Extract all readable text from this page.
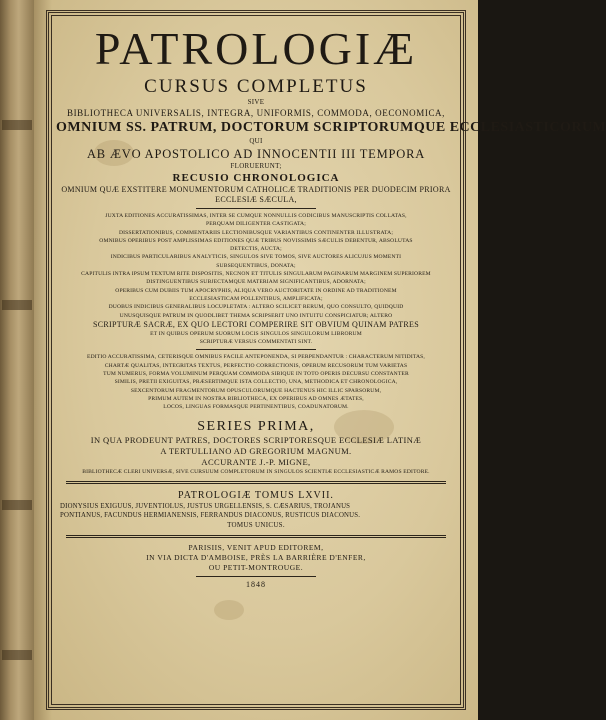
PATROLOGIÆ

CURSUS COMPLETUS

SIVE

BIBLIOTHECA UNIVERSALIS, INTEGRA, UNIFORMIS, COMMODA, OECONOMICA,

OMNIUM SS. PATRUM, DOCTORUM SCRIPTORUMQUE ECCLESIASTICORUM

QUI

AB ÆVO APOSTOLICO AD INNOCENTII III TEMPORA

FLORUERUNT;

RECUSIO CHRONOLOGICA

OMNIUM QUÆ EXSTITERE MONUMENTORUM CATHOLICÆ TRADITIONIS PER DUODECIM PRIORA

ECCLESIÆ SÆCULA,

JUXTA EDITIONES ACCURATISSIMAS, INTER SE CUMQUE NONNULLIS CODICIBUS MANUSCRIPTIS COLLATAS,

PERQUAM DILIGENTER CASTIGATA;

DISSERTATIONIBUS, COMMENTARIIS LECTIONIBUSQUE VARIANTIBUS CONTINENTER ILLUSTRATA;

OMNIBUS OPERIBUS POST AMPLISSIMAS EDITIONES QUÆ TRIBUS NOVISSIMIS SÆCULIS DEBENTUR, ABSOLUTAS

DETECTIS, AUCTA;

INDICIBUS PARTICULARIBUS ANALYTICIS, SINGULOS SIVE TOMOS, SIVE AUCTORES ALICUJUS MOMENTI

SUBSEQUENTIBUS, DONATA;

CAPITULIS INTRA IPSUM TEXTUM RITE DISPOSITIS, NECNON ET TITULIS SINGULARUM PAGINARUM MARGINEM SUPERIOREM

DISTINGUENTIBUS SUBJECTAMQUE MATERIAM SIGNIFICANTIBUS, ADORNATA;

OPERIBUS CUM DUBIIS TUM APOCRYPHIS, ALIQUA VERO AUCTORITATE IN ORDINE AD TRADITIONEM

ECCLESIASTICAM POLLENTIBUS, AMPLIFICATA;

DUOBUS INDICIBUS GENERALIBUS LOCUPLETATA : ALTERO SCILICET RERUM, QUO CONSULTO, QUIDQUID

UNUSQUISQUE PATRUM IN QUODLIBET THEMA SCRIPSERIT UNO INTUITU CONSPICIATUR; ALTERO

SCRIPTURÆ SACRÆ, EX QUO LECTORI COMPERIRE SIT OBVIUM QUINAM PATRES

ET IN QUIBUS OPERUM SUORUM LOCIS SINGULOS SINGULORUM LIBRORUM

SCRIPTURÆ VERSUS COMMENTATI SINT.

EDITIO ACCURATISSIMA, CETERISQUE OMNIBUS FACILE ANTEPONENDA, SI PERPENDANTUR : CHARACTERUM NITIDITAS,

CHARTÆ QUALITAS, INTEGRITAS TEXTUS, PERFECTIO CORRECTIONIS, OPERUM RECUSORUM TUM VARIETAS

TUM NUMERUS, FORMA VOLUMINUM PERQUAM COMMODA SIBIQUE IN TOTO OPERIS DECURSU CONSTANTER

SIMILIS, PRETII EXIGUITAS, PRÆSERTIMQUE ISTA COLLECTIO, UNA, METHODICA ET CHRONOLOGICA,

SEXCENTORUM FRAGMENTORUM OPUSCULORUMQUE HACTENUS HIC ILLIC SPARSORUM,

PRIMUM AUTEM IN NOSTRA BIBLIOTHECA, EX OPERIBUS AD OMNES ÆTATES,

LOCOS, LINGUAS FORMASQUE PERTINENTIBUS, COADUNATORUM.

SERIES PRIMA,

IN QUA PRODEUNT PATRES, DOCTORES SCRIPTORESQUE ECCLESIÆ LATINÆ

A TERTULLIANO AD GREGORIUM MAGNUM.

ACCURANTE J.-P. MIGNE,

BIBLIOTHECÆ CLERI UNIVERSÆ, SIVE CURSUUM COMPLETORUM IN SINGULOS SCIENTIÆ ECCLESIASTICÆ RAMOS EDITORE.

PATROLOGIÆ TOMUS LXVII.

DIONYSIUS EXIGUUS, JUVENTIOLUS, JUSTUS URGELLENSIS, S. CÆSARIUS, TROJANUS

PONTIANUS, FACUNDUS HERMIANENSIS, FERRANDUS DIACONUS, RUSTICUS DIACONUS.

TOMUS UNICUS.

PARISIIS, VENIT APUD EDITOREM,

IN VIA DICTA D'AMBOISE, PRÈS LA BARRIÈRE D'ENFER,

OU PETIT-MONTROUGE.

1848
